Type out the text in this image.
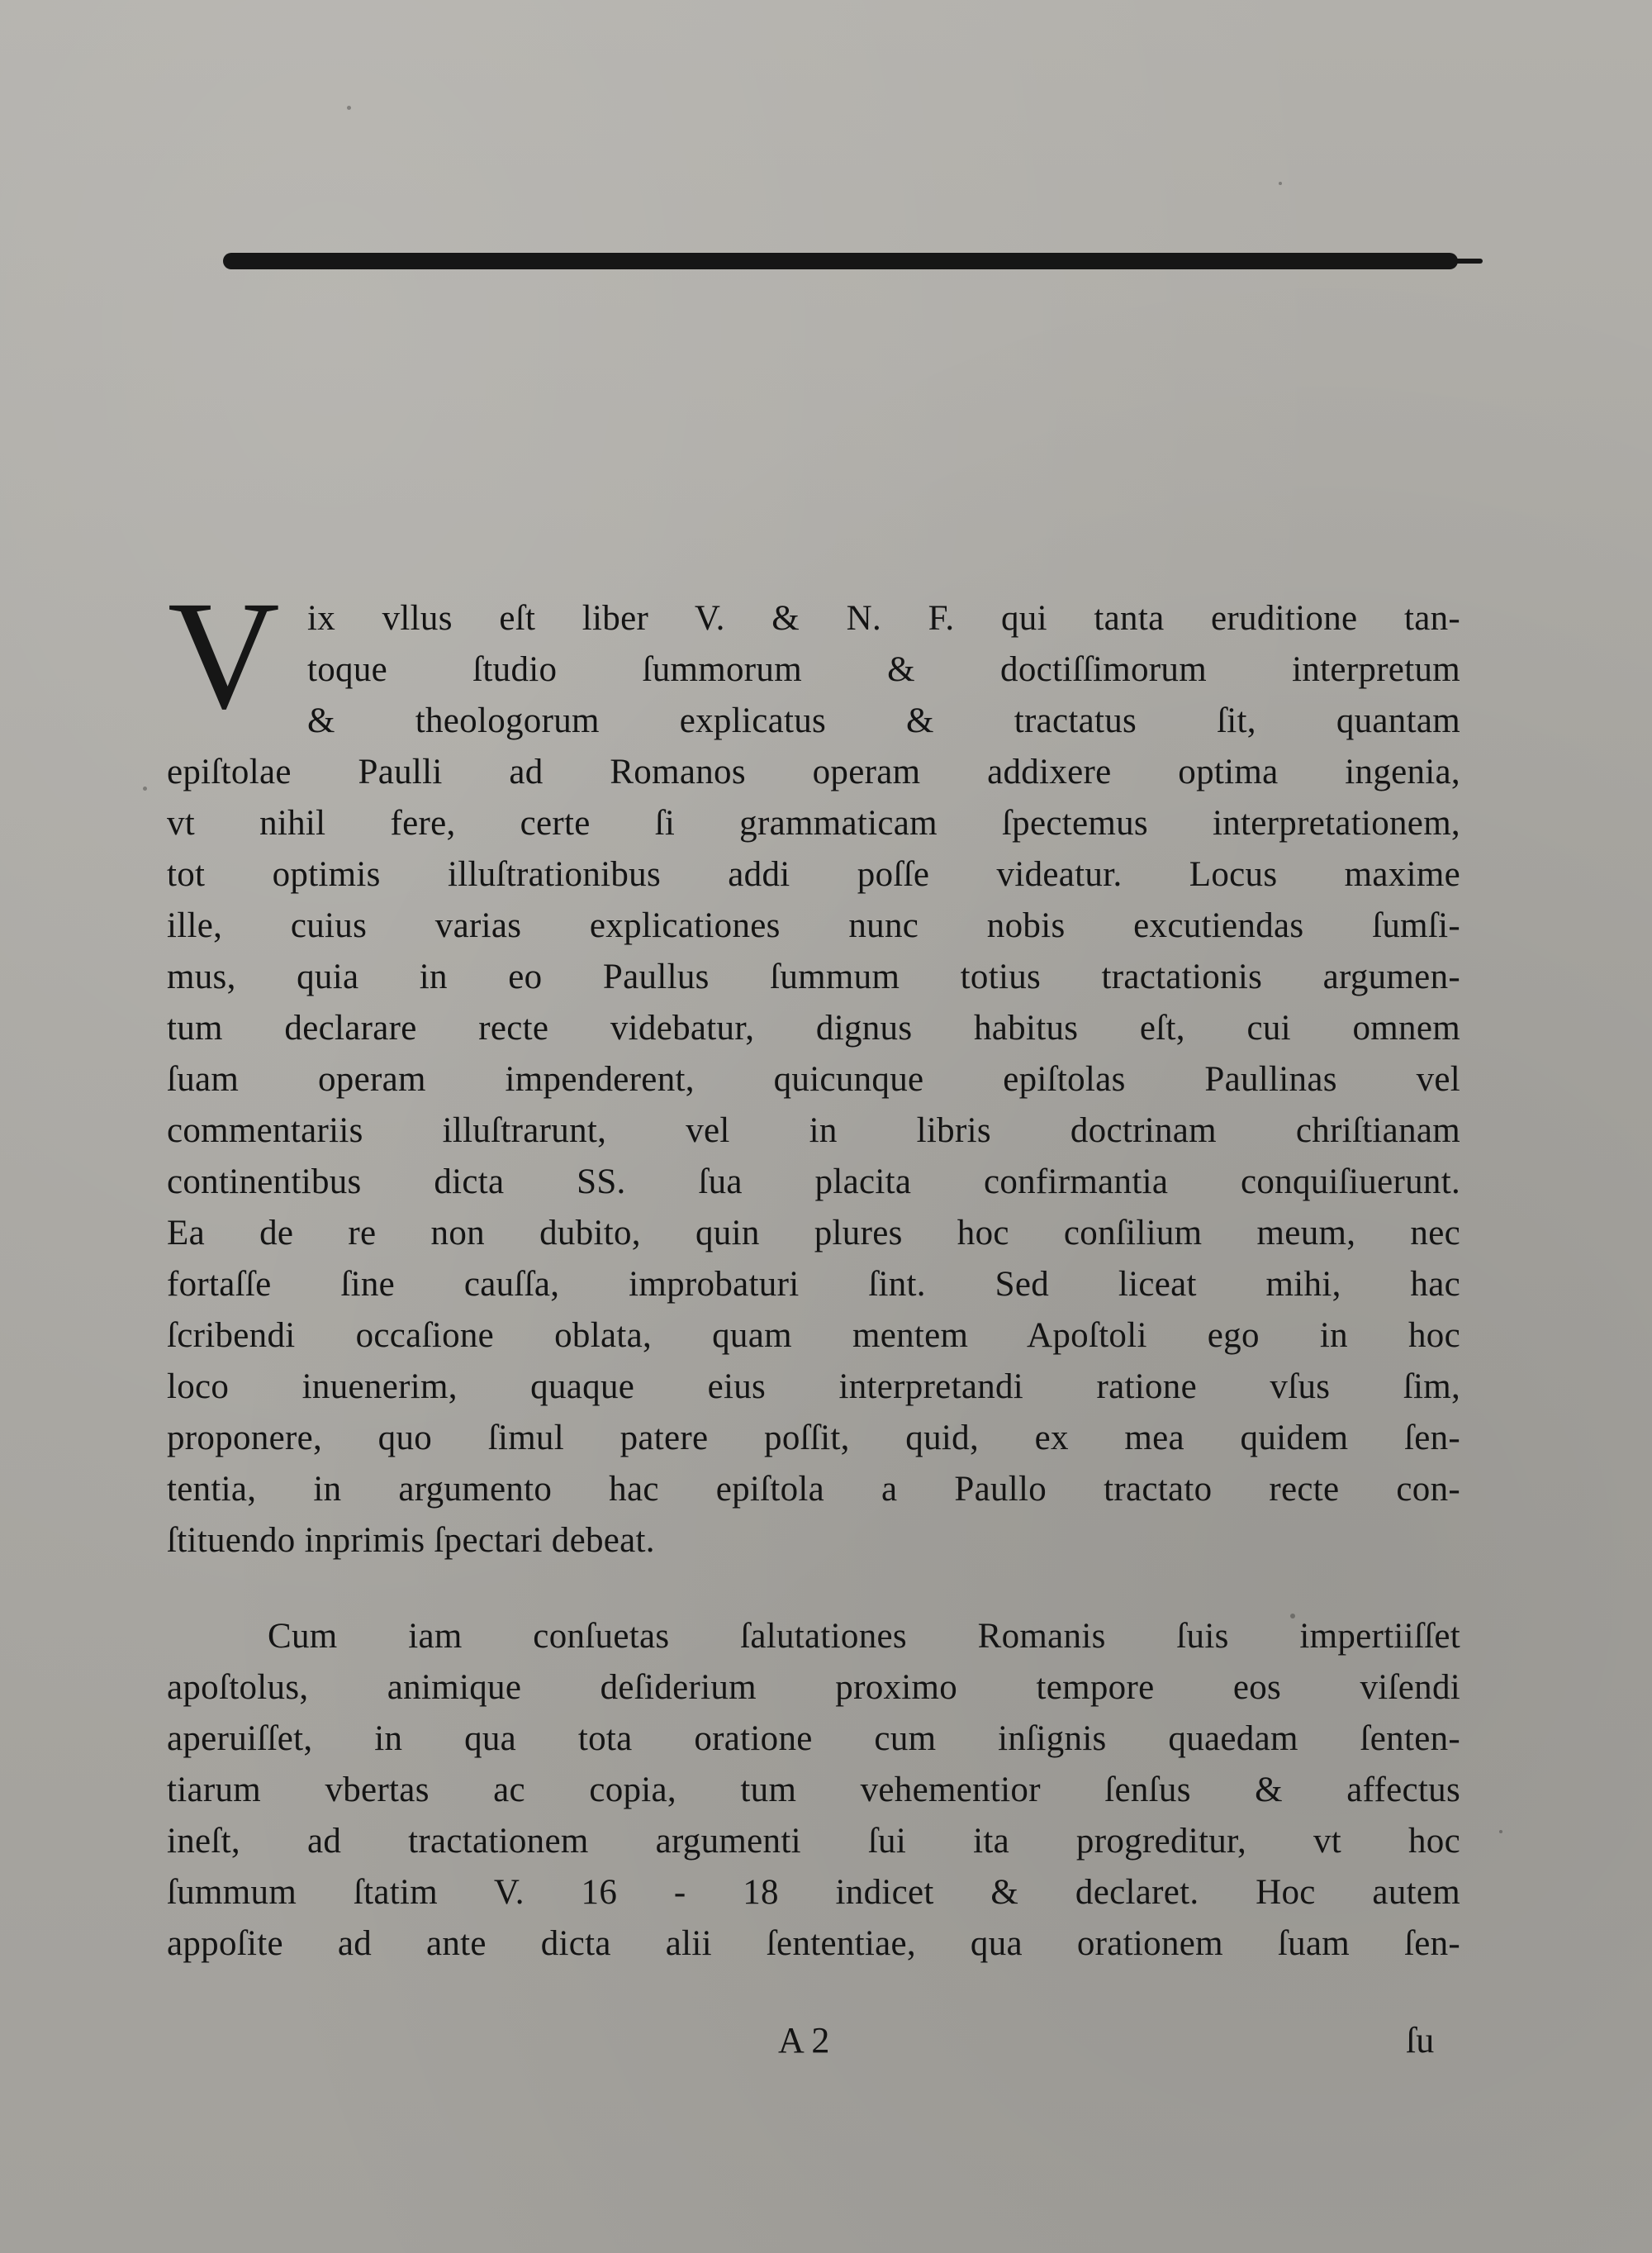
V ix vllus eſt liber V. & N. F. qui tanta eruditione tan-
toque ſtudio ſummorum & doctiſſimorum interpretum
& theologorum explicatus & tractatus ſit, quantam
epiſtolae Paulli ad Romanos operam addixere optima ingenia,
vt nihil fere, certe ſi grammaticam ſpectemus interpretationem,
tot optimis illuſtrationibus addi poſſe videatur. Locus maxime
ille, cuius varias explicationes nunc nobis excutiendas ſumſi-
mus, quia in eo Paullus ſummum totius tractationis argumen-
tum declarare recte videbatur, dignus habitus eſt, cui omnem
ſuam operam impenderent, quicunque epiſtolas Paullinas vel
commentariis illuſtrarunt, vel in libris doctrinam chriſtianam
continentibus dicta SS. ſua placita confirmantia conquiſiuerunt.
Ea de re non dubito, quin plures hoc conſilium meum, nec
fortaſſe ſine cauſſa, improbaturi ſint. Sed liceat mihi, hac
ſcribendi occaſione oblata, quam mentem Apoſtoli ego in hoc
loco inuenerim, quaque eius interpretandi ratione vſus ſim,
proponere, quo ſimul patere poſſit, quid, ex mea quidem ſen-
tentia, in argumento hac epiſtola a Paullo tractato recte con-
ſtituendo inprimis ſpectari debeat.
Cum iam conſuetas ſalutationes Romanis ſuis impertiiſſet
apoſtolus, animique deſiderium proximo tempore eos viſendi
aperuiſſet, in qua tota oratione cum inſignis quaedam ſenten-
tiarum vbertas ac copia, tum vehementior ſenſus & affectus
ineſt, ad tractationem argumenti ſui ita progreditur, vt hoc
ſummum ſtatim V. 16 - 18 indicet & declaret. Hoc autem
appoſite ad ante dicta alii ſententiae, qua orationem ſuam ſen-
A 2	ſu
